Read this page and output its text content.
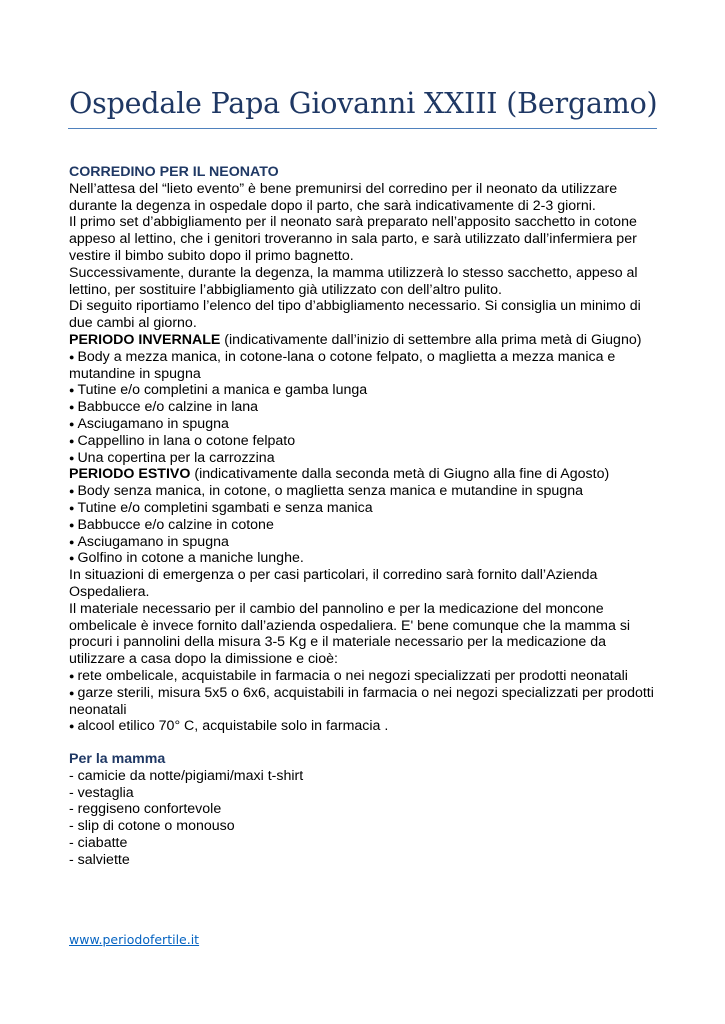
Ospedale Papa Giovanni XXIII (Bergamo)

CORREDINO PER IL NEONATO

Nell’attesa del “lieto evento” è bene premunirsi del corredino per il neonato da utilizzare durante la degenza in ospedale dopo il parto, che sarà indicativamente di 2-3 giorni.

Il primo set d’abbigliamento per il neonato sarà preparato nell’apposito sacchetto in cotone appeso al lettino, che i genitori troveranno in sala parto, e sarà utilizzato dall’infermiera per vestire il bimbo subito dopo il primo bagnetto.

Successivamente, durante la degenza, la mamma utilizzerà lo stesso sacchetto, appeso al lettino, per sostituire l’abbigliamento già utilizzato con dell’altro pulito.

Di seguito riportiamo l’elenco del tipo d’abbigliamento necessario. Si consiglia un minimo di due cambi al giorno.

PERIODO INVERNALE (indicativamente dall’inizio di settembre alla prima metà di Giugno)

● Body a mezza manica, in cotone-lana o cotone felpato, o maglietta a mezza manica e mutandine in spugna
● Tutine e/o completini a manica e gamba lunga
● Babbucce e/o calzine in lana
● Asciugamano in spugna
● Cappellino in lana o cotone felpato
● Una copertina per la carrozzina

PERIODO ESTIVO (indicativamente dalla seconda metà di Giugno alla fine di Agosto)

● Body senza manica, in cotone, o maglietta senza manica e mutandine in spugna
● Tutine e/o completini sgambati e senza manica
● Babbucce e/o calzine in cotone
● Asciugamano in spugna
● Golfino in cotone a maniche lunghe.

In situazioni di emergenza o per casi particolari, il corredino sarà fornito dall’Azienda Ospedaliera.

Il materiale necessario per il cambio del pannolino e per la medicazione del moncone ombelicale è invece fornito dall’azienda ospedaliera. E' bene comunque che la mamma si procuri i pannolini della misura 3-5 Kg e il materiale necessario per la medicazione da utilizzare a casa dopo la dimissione e cioè:

● rete ombelicale, acquistabile in farmacia o nei negozi specializzati per prodotti neonatali
● garze sterili, misura 5x5 o 6x6, acquistabili in farmacia o nei negozi specializzati per prodotti neonatali
● alcool etilico 70° C, acquistabile solo in farmacia .

Per la mamma

- camicie da notte/pigiami/maxi t-shirt
- vestaglia
- reggiseno confortevole
- slip di cotone o monouso
- ciabatte
- salviette
www.periodofertile.it
